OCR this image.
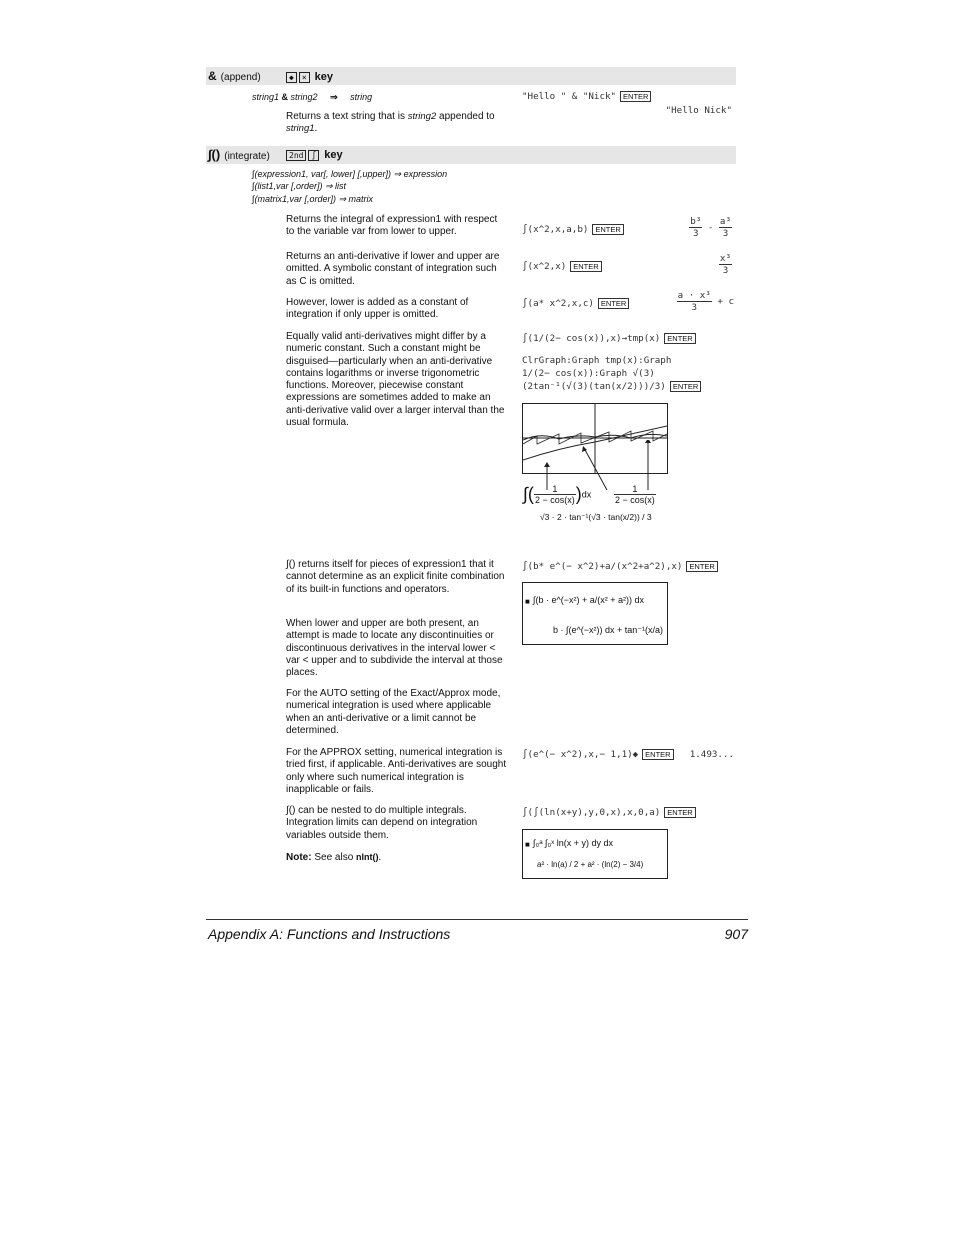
& (append)	◆ × key
string1 & string2 ⇒ string	"Hello " & "Nick" ENTER
"Hello Nick"
Returns a text string that is string2 appended to string1.
∫() (integrate)	2nd ∫ key
∫(expression1, var[, lower] [,upper]) ⇒ expression
∫(list1,var [,order]) ⇒ list
∫(matrix1,var [,order]) ⇒ matrix
Returns the integral of expression1 with respect to the variable var from lower to upper.	∫(x^2,x,a,b) ENTER	$\frac{\text{b³}}{3} - \frac{\text{a³}}{3}$
Returns an anti-derivative if lower and upper are omitted. A symbolic constant of integration such as C is omitted.
∫(x^2,x) ENTER	$\frac{\text{x³}}{3}$
However, lower is added as a constant of integration if only upper is omitted.
∫(a* x^2,x,c) ENTER	$\frac{\text{a · x³}}{3} + c$
Equally valid anti-derivatives might differ by a numeric constant. Such a constant might be disguised—particularly when an anti-derivative contains logarithms or inverse trigonometric functions. Moreover, piecewise constant expressions are sometimes added to make an anti-derivative valid over a larger interval than the usual formula.
∫(1/(2− cos(x)),x)→tmp(x) ENTER
ClrGraph:Graph tmp(x):Graph
1/(2− cos(x)):Graph √(3)
(2tan⁻¹(√(3)(tan(x/2)))/3) ENTER
∫( $\frac{1}{2 - \cos(x)} )dx$	$\frac{1}{2 - \cos(x)}$
√3 · 2 · tan⁻¹(√3 · tan(x/2)) / 3
∫() returns itself for pieces of expression1 that it cannot determine as an explicit finite combination of its built-in functions and operators.
∫(b* e^(− x^2)+a/(x^2+a^2),x) ENTER
■ ∫(b · e^(−x²) + a/(x² + a²)) dx
b · ∫(e^(−x²)) dx + tan⁻¹(x/a)
When lower and upper are both present, an attempt is made to locate any discontinuities or discontinuous derivatives in the interval lower < var < upper and to subdivide the interval at those places.
For the AUTO setting of the Exact/Approx mode, numerical integration is used where applicable when an anti-derivative or a limit cannot be determined.
For the APPROX setting, numerical integration is tried first, if applicable. Anti-derivatives are sought only where such numerical integration is inapplicable or fails.
∫(e^(− x^2),x,− 1,1)◆ ENTER	1.493...
∫() can be nested to do multiple integrals. Integration limits can depend on integration variables outside them.
∫(∫(ln(x+y),y,0,x),x,0,a) ENTER
■ ∫₀ᵃ ∫₀ˣ ln(x + y) dy dx
a² · ln(a) / 2 + a² · (ln(2) − 3/4)
Note: See also nInt().
Appendix A: Functions and Instructions	907
